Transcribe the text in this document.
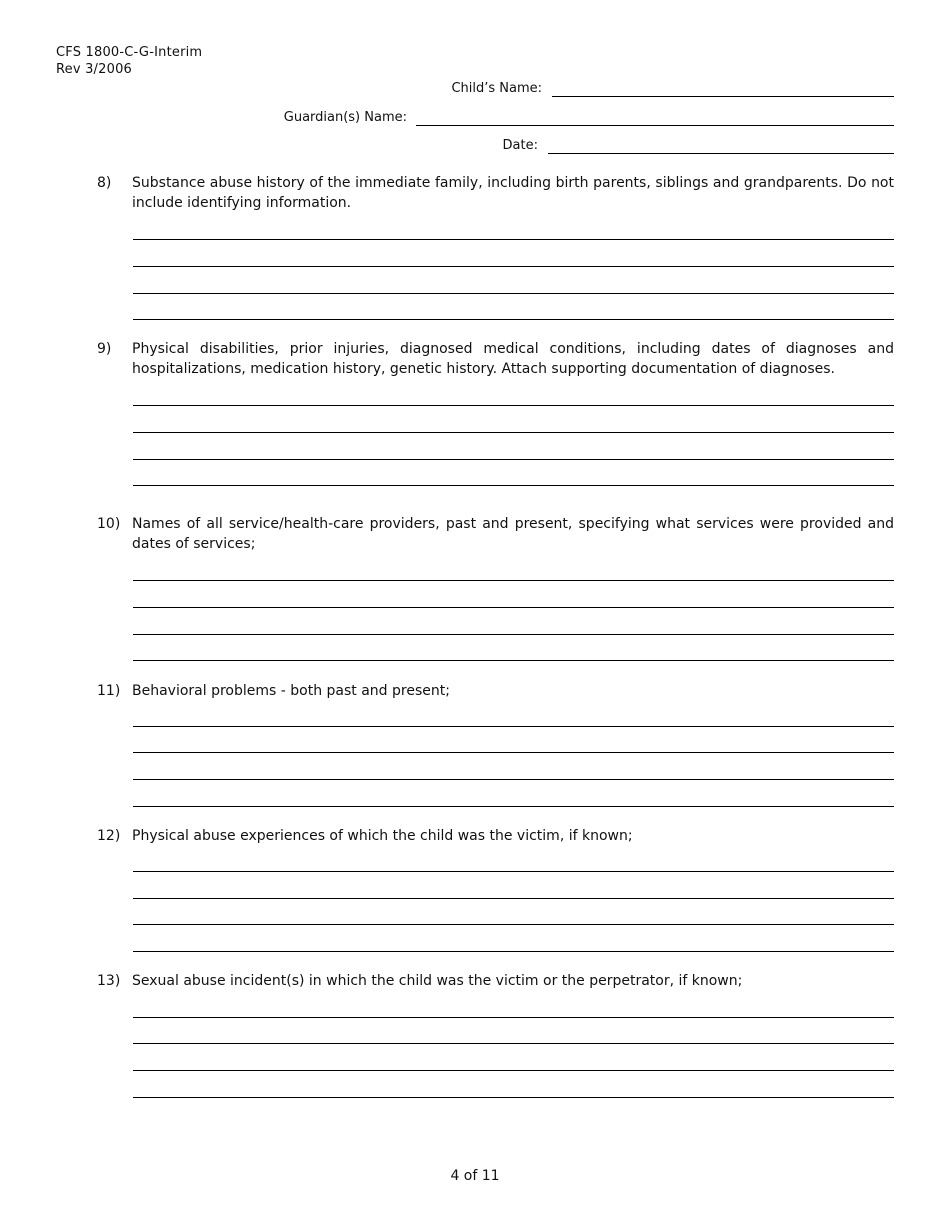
CFS 1800-C-G-Interim
Rev 3/2006
Child’s Name:
Guardian(s) Name:
Date:
8) Substance abuse history of the immediate family, including birth parents, siblings and grandparents. Do not include identifying information.
9) Physical disabilities, prior injuries, diagnosed medical conditions, including dates of diagnoses and hospitalizations, medication history, genetic history. Attach supporting documentation of diagnoses.
10) Names of all service/health-care providers, past and present, specifying what services were provided and dates of services;
11) Behavioral problems - both past and present;
12) Physical abuse experiences of which the child was the victim, if known;
13) Sexual abuse incident(s) in which the child was the victim or the perpetrator, if known;
4 of 11
